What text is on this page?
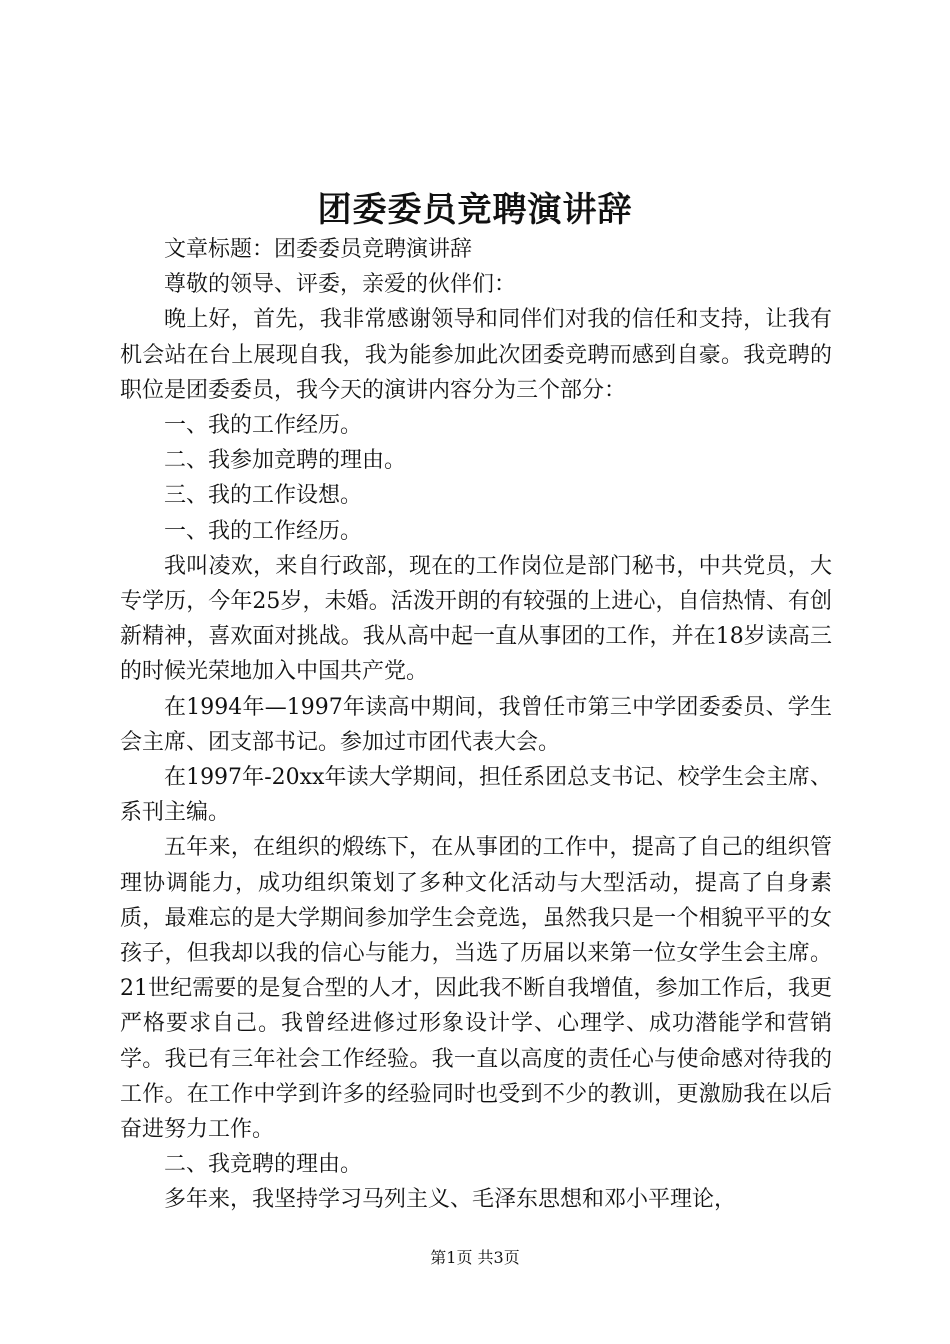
团委委员竞聘演讲辞

文章标题：团委委员竞聘演讲辞

尊敬的领导、评委，亲爱的伙伴们：

晚上好，首先，我非常感谢领导和同伴们对我的信任和支持，让我有机会站在台上展现自我，我为能参加此次团委竞聘而感到自豪。我竞聘的职位是团委委员，我今天的演讲内容分为三个部分：

一、我的工作经历。

二、我参加竞聘的理由。

三、我的工作设想。

一、我的工作经历。

我叫凌欢，来自行政部，现在的工作岗位是部门秘书，中共党员，大专学历，今年25岁，未婚。活泼开朗的有较强的上进心，自信热情、有创新精神，喜欢面对挑战。我从高中起一直从事团的工作，并在18岁读高三的时候光荣地加入中国共产党。

在1994年—1997年读高中期间，我曾任市第三中学团委委员、学生会主席、团支部书记。参加过市团代表大会。

在1997年-20xx年读大学期间，担任系团总支书记、校学生会主席、系刊主编。

五年来，在组织的煅练下，在从事团的工作中，提高了自己的组织管理协调能力，成功组织策划了多种文化活动与大型活动，提高了自身素质，最难忘的是大学期间参加学生会竞选，虽然我只是一个相貌平平的女孩子，但我却以我的信心与能力，当选了历届以来第一位女学生会主席。21世纪需要的是复合型的人才，因此我不断自我增值，参加工作后，我更严格要求自己。我曾经进修过形象设计学、心理学、成功潜能学和营销学。我已有三年社会工作经验。我一直以高度的责任心与使命感对待我的工作。在工作中学到许多的经验同时也受到不少的教训，更激励我在以后奋进努力工作。

二、我竞聘的理由。

多年来，我坚持学习马列主义、毛泽东思想和邓小平理论，

第1页 共3页
